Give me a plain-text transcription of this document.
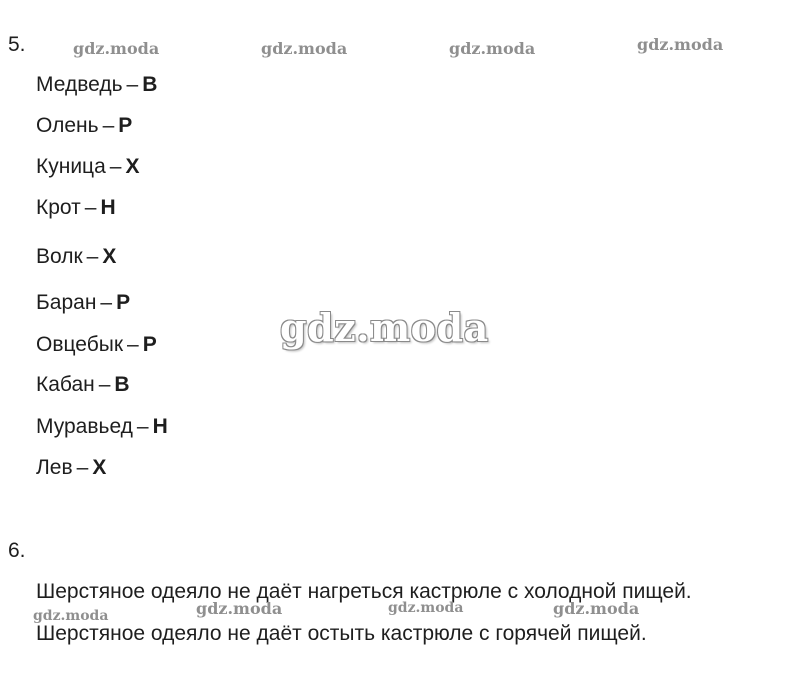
5.
Медведь – В
Олень – Р
Куница – Х
Крот – Н
Волк – Х
Баран – Р
Овцебык – Р
Кабан – В
Муравьед – Н
Лев – Х
6.
Шерстяное одеяло не даёт нагреться кастрюле с холодной пищей.
Шерстяное одеяло не даёт остыть кастрюле с горячей пищей.
gdz.moda	gdz.moda	gdz.moda	gdz.moda
gdz.moda
gdz.moda	gdz.moda	gdz.moda	gdz.moda
